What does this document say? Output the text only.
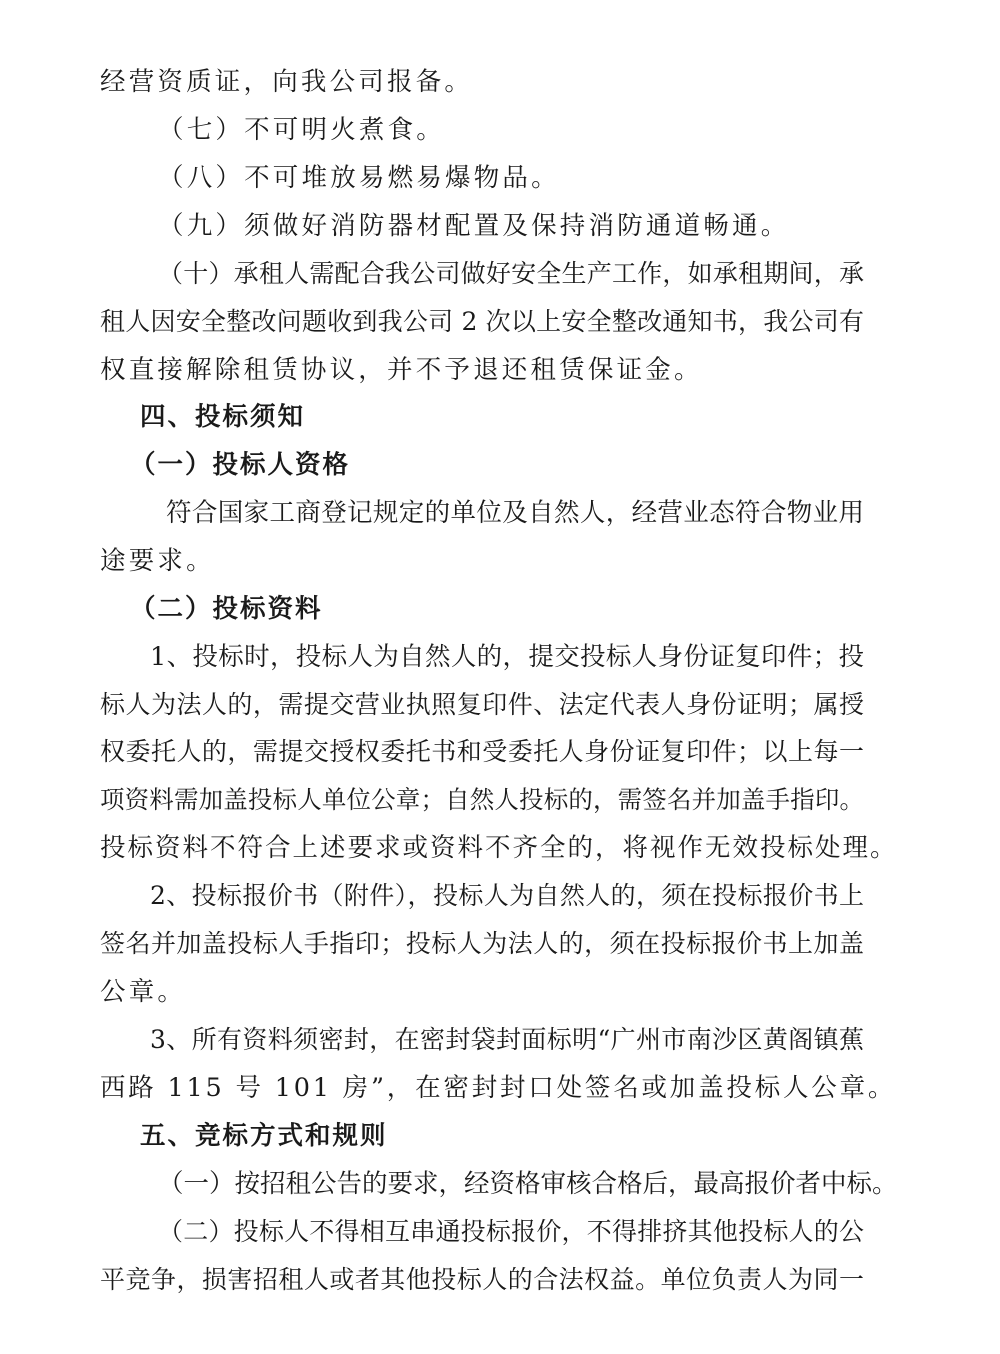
经营资质证，向我公司报备。
（七）不可明火煮食。
（八）不可堆放易燃易爆物品。
（九）须做好消防器材配置及保持消防通道畅通。
（十）承租人需配合我公司做好安全生产工作，如承租期间，承
租人因安全整改问题收到我公司 2 次以上安全整改通知书，我公司有
权直接解除租赁协议，并不予退还租赁保证金。
四、投标须知
（一）投标人资格
符合国家工商登记规定的单位及自然人，经营业态符合物业用
途要求。
（二）投标资料
1、投标时，投标人为自然人的，提交投标人身份证复印件；投
标人为法人的，需提交营业执照复印件、法定代表人身份证明；属授
权委托人的，需提交授权委托书和受委托人身份证复印件；以上每一
项资料需加盖投标人单位公章；自然人投标的，需签名并加盖手指印。
投标资料不符合上述要求或资料不齐全的，将视作无效投标处理。
2、投标报价书（附件），投标人为自然人的，须在投标报价书上
签名并加盖投标人手指印；投标人为法人的，须在投标报价书上加盖
公章。
3、所有资料须密封，在密封袋封面标明“广州市南沙区黄阁镇蕉
西路 115 号 101 房”，在密封封口处签名或加盖投标人公章。
五、竞标方式和规则
（一）按招租公告的要求，经资格审核合格后，最高报价者中标。
（二）投标人不得相互串通投标报价，不得排挤其他投标人的公
平竞争，损害招租人或者其他投标人的合法权益。单位负责人为同一
